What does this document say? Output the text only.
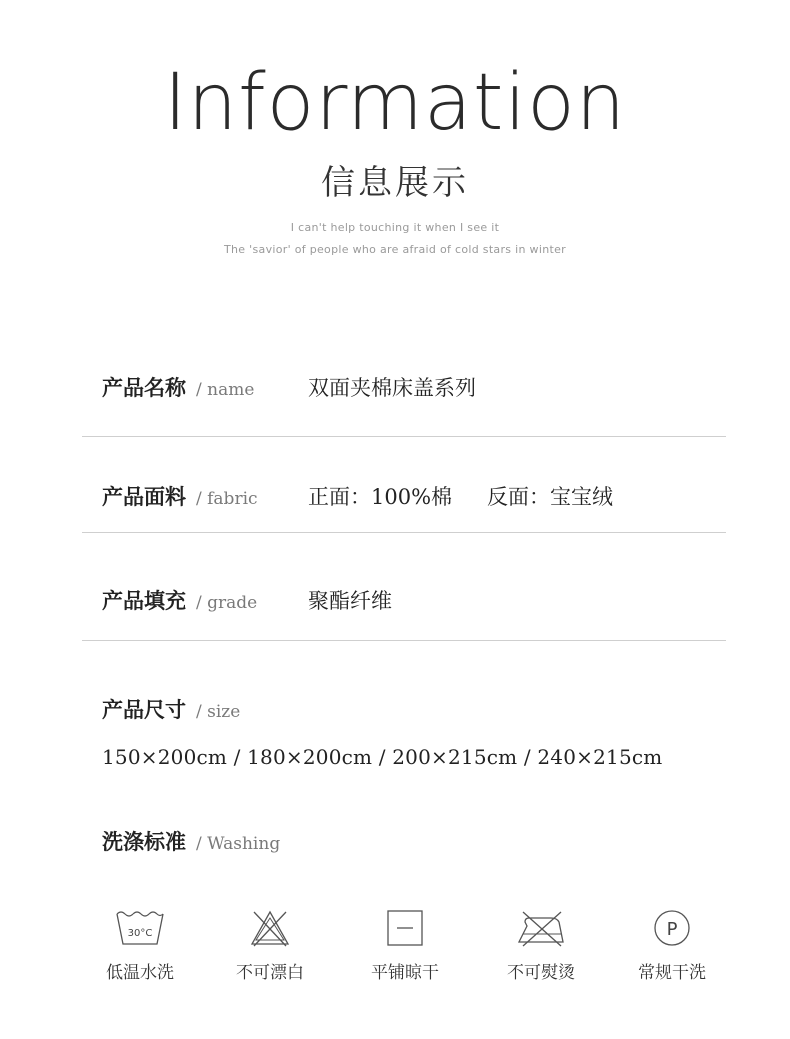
Information
信息展示
I can't help touching it when I see it
The 'savior' of people who are afraid of cold stars in winter
产品名称 / name	双面夹棉床盖系列
产品面料 / fabric 正面：100%棉 反面：宝宝绒
产品填充 / grade 聚酯纤维
产品尺寸 / size
150×200cm / 180×200cm / 200×215cm / 240×215cm
洗涤标准 / Washing
30°C
低温水洗	不可漂白	平铺晾干	不可熨烫
P
常规干洗
